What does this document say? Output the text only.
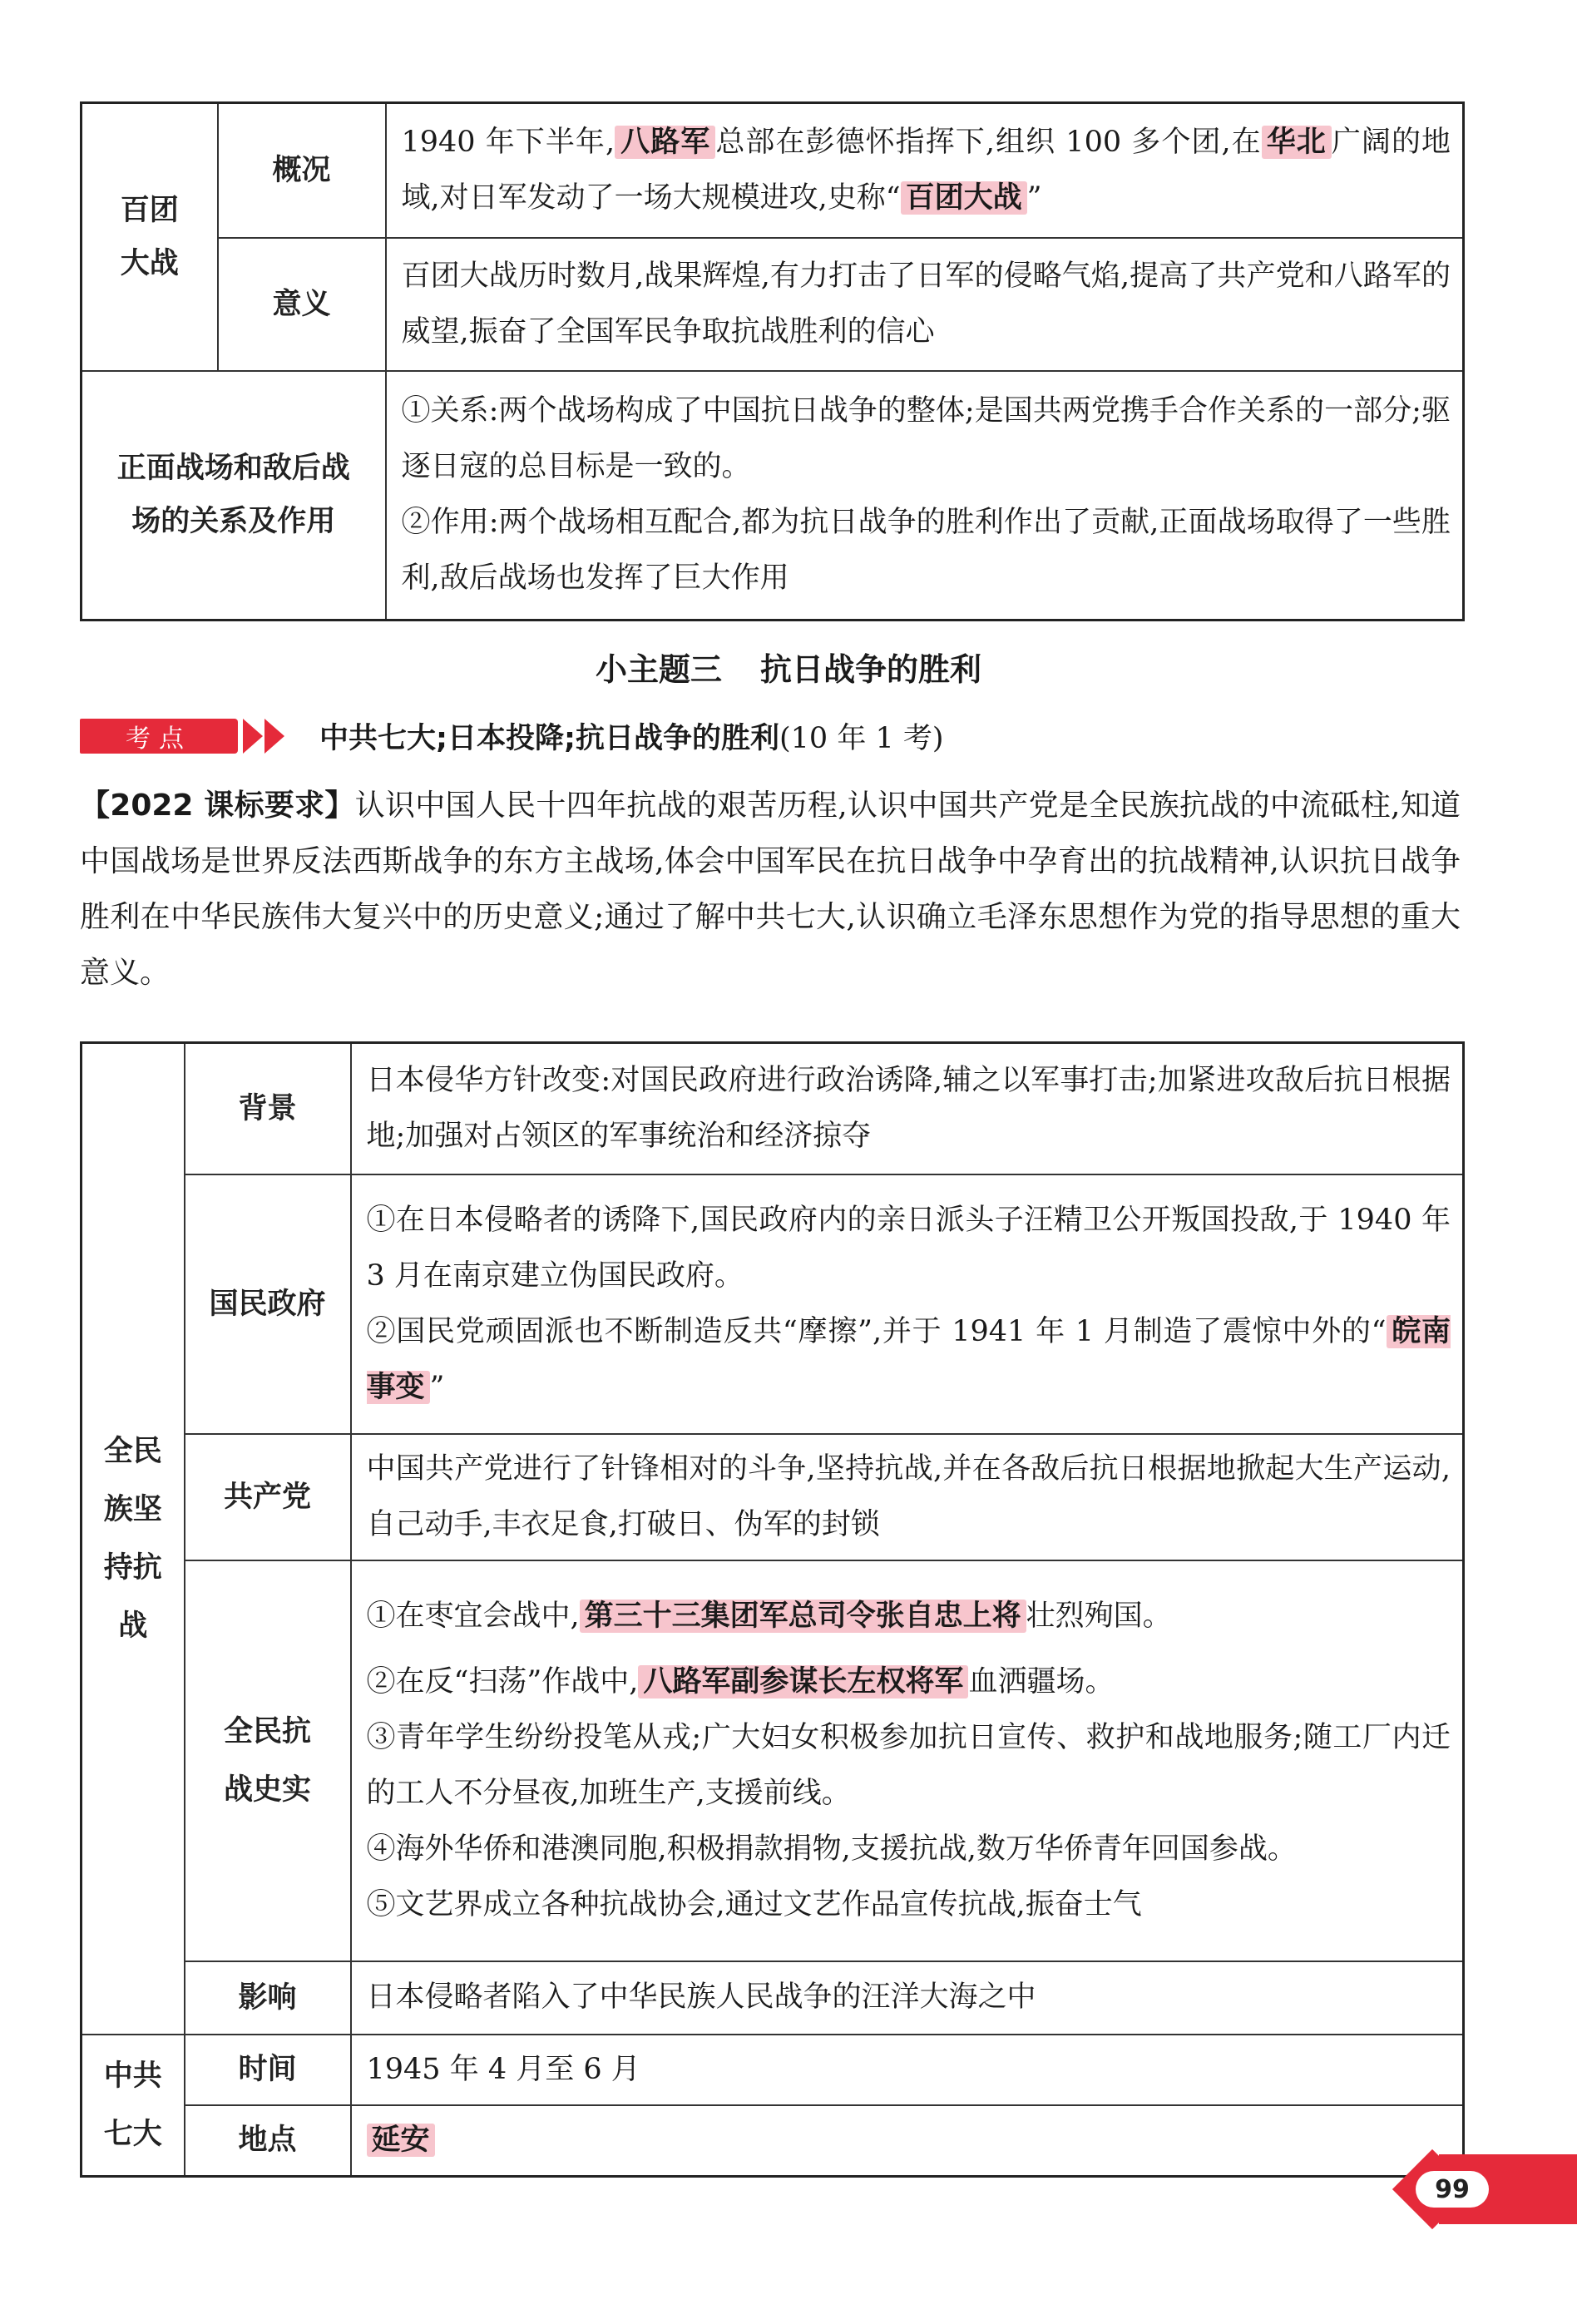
百团大战	概况	1940 年下半年, 八路军 总部在彭德怀指挥下,组织 100 多个团,在 华北 广阔的地域,对日军发动了一场大规模进攻,史称“ 百团大战 ”
	意义	百团大战历时数月,战果辉煌,有力打击了日军的侵略气焰,提高了共产党和八路军的威望,振奋了全国军民争取抗战胜利的信心

正面战场和敌后战场的关系及作用		①关系:两个战场构成了中国抗日战争的整体;是国共两党携手合作关系的一部分;驱逐日寇的总目标是一致的。
②作用:两个战场相互配合,都为抗日战争的胜利作出了贡献,正面战场取得了一些胜利,敌后战场也发挥了巨大作用
小主题三 抗日战争的胜利
考点	中共七大;日本投降;抗日战争的胜利(10 年 1 考)
【2022 课标要求】认识中国人民十四年抗战的艰苦历程,认识中国共产党是全民族抗战的中流砥柱,知道中国战场是世界反法西斯战争的东方主战场,体会中国军民在抗日战争中孕育出的抗战精神,认识抗日战争胜利在中华民族伟大复兴中的历史意义;通过了解中共七大,认识确立毛泽东思想作为党的指导思想的重大意义。
全民族坚持抗战	背景	日本侵华方针改变:对国民政府进行政治诱降,辅之以军事打击;加紧进攻敌后抗日根据地;加强对占领区的军事统治和经济掠夺
	国民政府	①在日本侵略者的诱降下,国民政府内的亲日派头子汪精卫公开叛国投敌,于 1940 年 3 月在南京建立伪国民政府。
②国民党顽固派也不断制造反共“摩擦”,并于 1941 年 1 月制造了震惊中外的“ 皖南事变 ”

	共产党	中国共产党进行了针锋相对的斗争,坚持抗战,并在各敌后抗日根据地掀起大生产运动,自己动手,丰衣足食,打破日、伪军的封锁

	全民抗战史实	①在枣宜会战中, 第三十三集团军总司令张自忠上将 壮烈殉国。
②在反“扫荡”作战中, 八路军副参谋长左权将军 血洒疆场。
③青年学生纷纷投笔从戎;广大妇女积极参加抗日宣传、救护和战地服务;随工厂内迁的工人不分昼夜,加班生产,支援前线。
④海外华侨和港澳同胞,积极捐款捐物,支援抗战,数万华侨青年回国参战。
⑤文艺界成立各种抗战协会,通过文艺作品宣传抗战,振奋士气

	影响	日本侵略者陷入了中华民族人民战争的汪洋大海之中

中共七大	时间	1945 年 4 月至 6 月
	地点	延安
99
